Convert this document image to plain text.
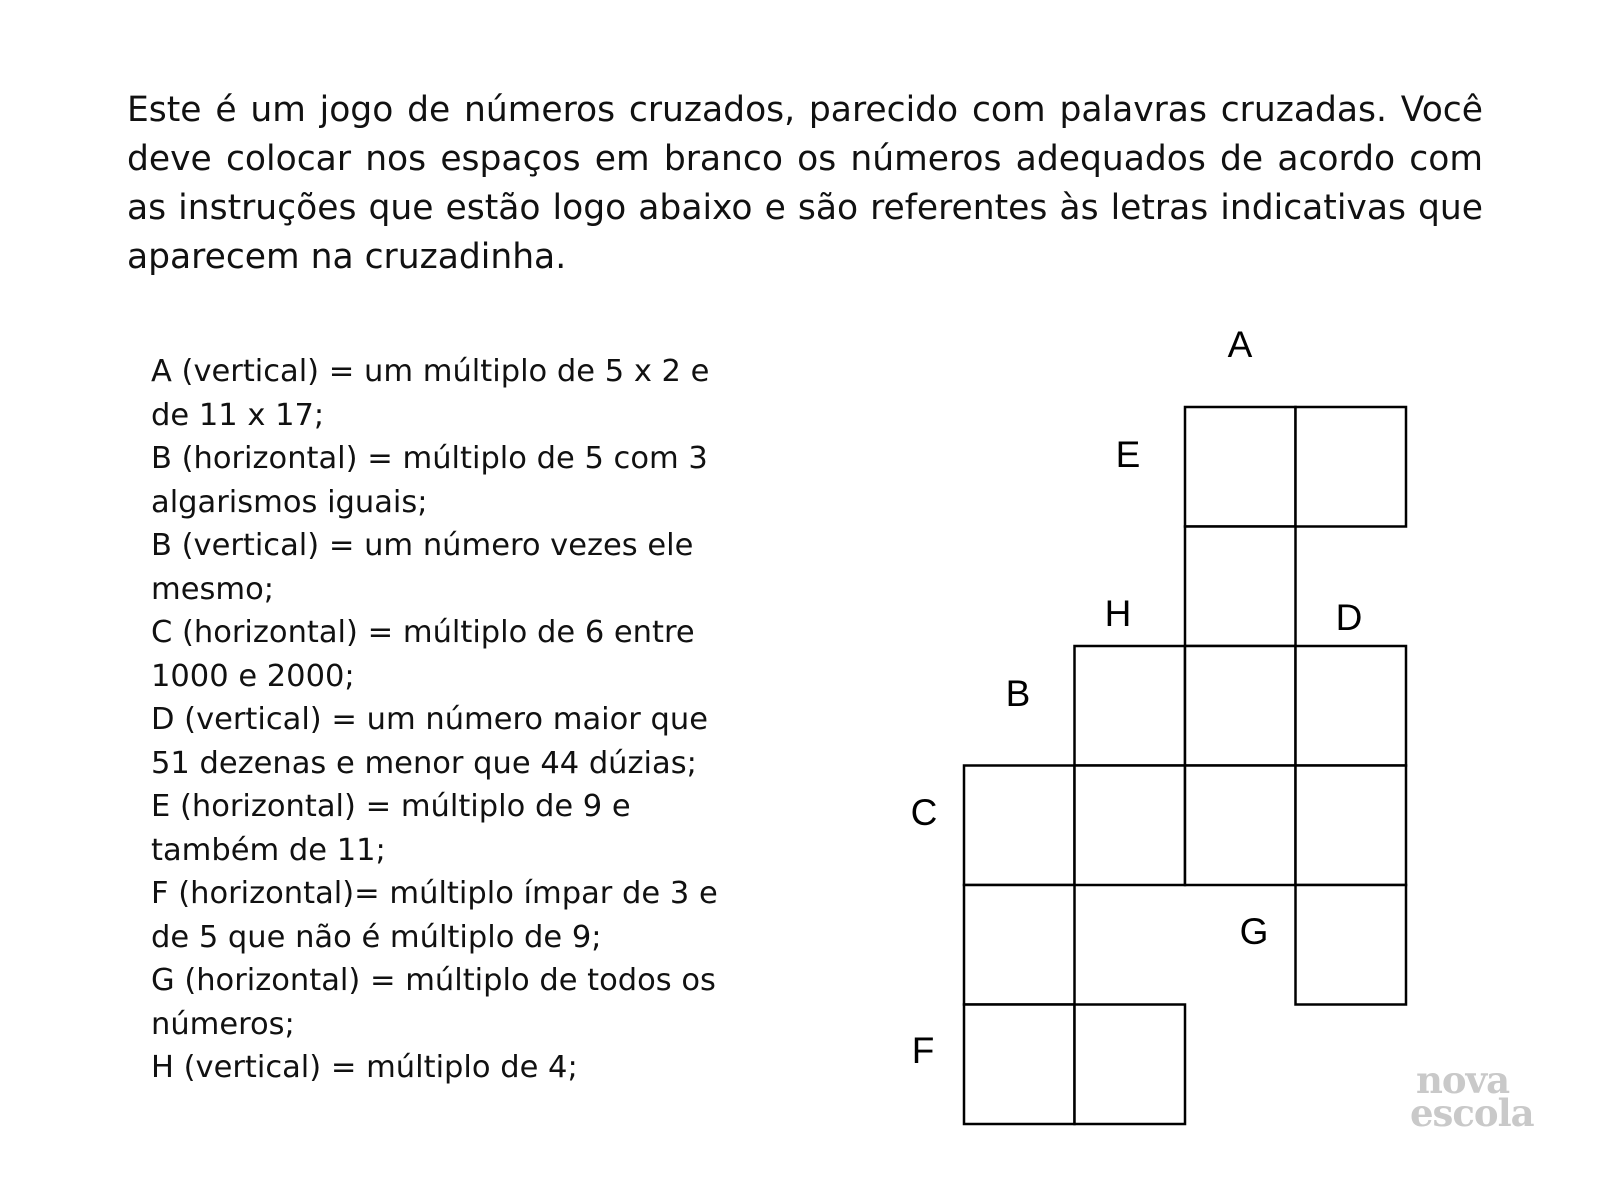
Este é um jogo de números cruzados, parecido com palavras cruzadas. Você deve colocar nos espaços em branco os números adequados de acordo com as instruções que estão logo abaixo e são referentes às letras indicativas que aparecem na cruzadinha.

A (vertical) = um múltiplo de 5 x 2 e de 11 x 17;
B (horizontal) = múltiplo de 5 com 3 algarismos iguais;
B (vertical) = um número vezes ele mesmo;
C (horizontal) = múltiplo de 6 entre 1000 e 2000;
D (vertical) = um número maior que 51 dezenas e menor que 44 dúzias;
E (horizontal) = múltiplo de 9 e também de 11;
F (horizontal)= múltiplo ímpar de 3 e de 5 que não é múltiplo de 9;
G (horizontal) = múltiplo de todos os números;
H (vertical) = múltiplo de 4;
A
E
H	D
B
C
G
F
nova
escola
